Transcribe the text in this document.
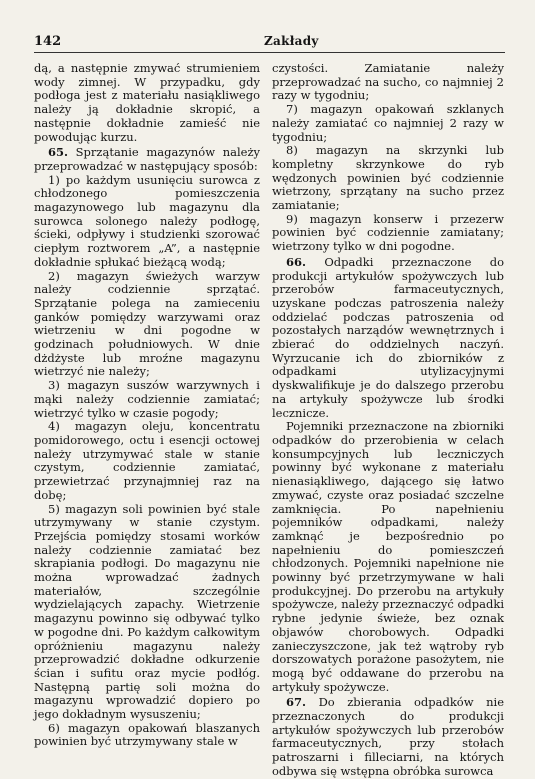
142	Zakłady

dą, a następnie zmywać strumieniem wody zimnej. W przypadku, gdy podłoga jest z materiału nasiąkliwego należy ją dokładnie skropić, a następnie dokładnie zamieść nie powodując kurzu.

65. Sprzątanie magazynów należy przeprowadzać w następujący sposób:

1) po każdym usunięciu surowca z chłodzonego pomieszczenia magazynowego lub magazynu dla surowca solonego należy podłogę, ścieki, odpływy i studzienki szorować ciepłym roztworem „A”, a następnie dokładnie spłukać bieżącą wodą;

2) magazyn świeżych warzyw należy codziennie sprzątać. Sprzątanie polega na zamieceniu ganków pomiędzy warzywami oraz wietrzeniu w dni pogodne w godzinach południowych. W dnie dżdżyste lub mroźne magazynu wietrzyć nie należy;

3) magazyn suszów warzywnych i mąki należy codziennie zamiatać; wietrzyć tylko w czasie pogody;

4) magazyn oleju, koncentratu pomidorowego, octu i esencji octowej należy utrzymywać stale w stanie czystym, codziennie zamiatać, przewietrzać przynajmniej raz na dobę;

5) magazyn soli powinien być stale utrzymywany w stanie czystym. Przejścia pomiędzy stosami worków należy codziennie zamiatać bez skrapiania podłogi. Do magazynu nie można wprowadzać żadnych materiałów, szczególnie wydzielających zapachy. Wietrzenie magazynu powinno się odbywać tylko w pogodne dni. Po każdym całkowitym opróżnieniu magazynu należy przeprowadzić dokładne odkurzenie ścian i sufitu oraz mycie podłóg. Następną partię soli można do magazynu wprowadzić dopiero po jego dokładnym wysuszeniu;

6) magazyn opakowań blaszanych powinien być utrzymywany stale w

czystości. Zamiatanie należy przeprowadzać na sucho, co najmniej 2 razy w tygodniu;

7) magazyn opakowań szklanych należy zamiatać co najmniej 2 razy w tygodniu;

8) magazyn na skrzynki lub kompletny skrzynkowe do ryb wędzonych powinien być codziennie wietrzony, sprzątany na sucho przez zamiatanie;

9) magazyn konserw i przezerw powinien być codziennie zamiatany; wietrzony tylko w dni pogodne.

66. Odpadki przeznaczone do produkcji artykułów spożywczych lub przerobów farmaceutycznych, uzyskane podczas patroszenia należy oddzielać podczas patroszenia od pozostałych narządów wewnętrznych i zbierać do oddzielnych naczyń. Wyrzucanie ich do zbiorników z odpadkami utylizacyjnymi dyskwalifikuje je do dalszego przerobu na artykuły spożywcze lub środki lecznicze.

Pojemniki przeznaczone na zbiorniki odpadków do przerobienia w celach konsumpcyjnych lub leczniczych powinny być wykonane z materiału nienasiąkliwego, dającego się łatwo zmywać, czyste oraz posiadać szczelne zamknięcia. Po napełnieniu pojemników odpadkami, należy zamknąć je bezpośrednio po napełnieniu do pomieszczeń chłodzonych. Pojemniki napełnione nie powinny być przetrzymywane w hali produkcyjnej. Do przerobu na artykuły spożywcze, należy przeznaczyć odpadki rybne jedynie świeże, bez oznak objawów chorobowych. Odpadki zanieczyszczone, jak też wątroby ryb dorszowatych porażone pasożytem, nie mogą być oddawane do przerobu na artykuły spożywcze.

67. Do zbierania odpadków nie przeznaczonych do produkcji artykułów spożywczych lub przerobów farmaceutycznych, przy stołach patroszarni i filleciarni, na których odbywa się wstępna obróbka surowca
